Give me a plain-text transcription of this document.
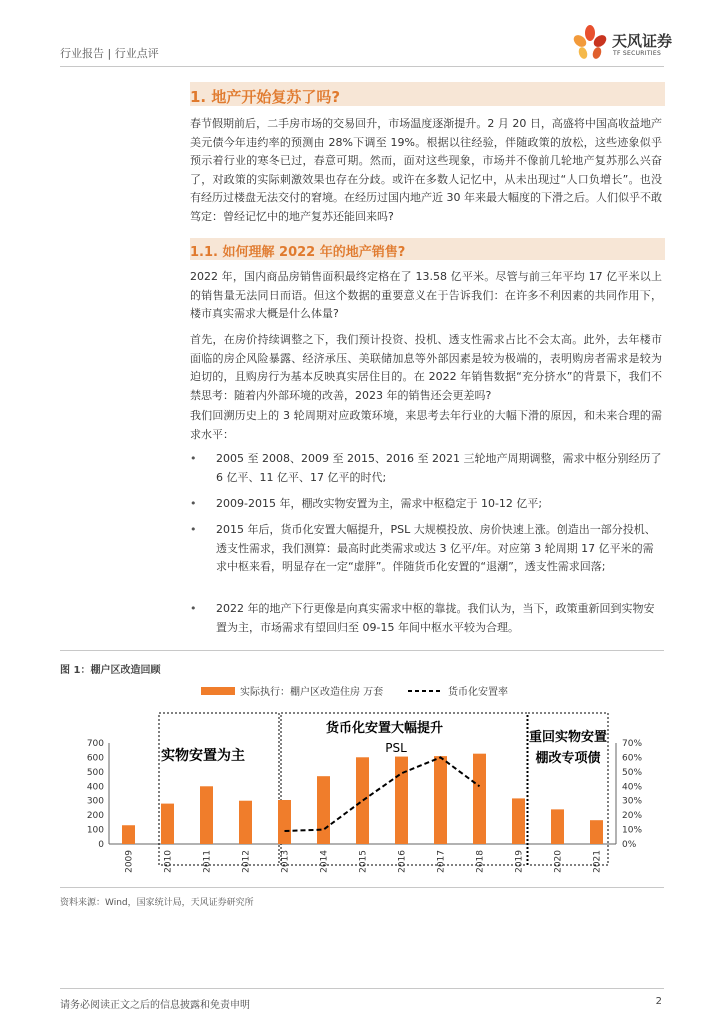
行业报告 | 行业点评
天风证券
TF SECURITIES
1. 地产开始复苏了吗?
春节假期前后，二手房市场的交易回升，市场温度逐渐提升。2 月 20 日，高盛将中国高收益地产美元债今年违约率的预测由 28%下调至 19%。根据以往经验，伴随政策的放松，这些迹象似乎预示着行业的寒冬已过，春意可期。然而，面对这些现象，市场并不像前几轮地产复苏那么兴奋了，对政策的实际刺激效果也存在分歧。或许在多数人记忆中，从未出现过“人口负增长”。也没有经历过楼盘无法交付的窘境。在经历过国内地产近 30 年来最大幅度的下滑之后。人们似乎不敢笃定：曾经记忆中的地产复苏还能回来吗?
1.1. 如何理解 2022 年的地产销售?
2022 年，国内商品房销售面积最终定格在了 13.58 亿平米。尽管与前三年平均 17 亿平米以上的销售量无法同日而语。但这个数据的重要意义在于告诉我们：在许多不利因素的共同作用下，楼市真实需求大概是什么体量?
首先，在房价持续调整之下，我们预计投资、投机、透支性需求占比不会太高。此外，去年楼市面临的房企风险暴露、经济承压、美联储加息等外部因素是较为极端的，表明购房者需求是较为迫切的，且购房行为基本反映真实居住目的。在 2022 年销售数据“充分挤水”的背景下，我们不禁思考：随着内外部环境的改善，2023 年的销售还会更差吗?
我们回溯历史上的 3 轮周期对应政策环境，来思考去年行业的大幅下滑的原因，和未来合理的需求水平：
• 2005 至 2008、2009 至 2015、2016 至 2021 三轮地产周期调整，需求中枢分别经历了 6 亿平、11 亿平、17 亿平的时代;
• 2009-2015 年，棚改实物安置为主，需求中枢稳定于 10-12 亿平;
• 2015 年后，货币化安置大幅提升，PSL 大规模投放、房价快速上涨。创造出一部分投机、透支性需求，我们测算：最高时此类需求或达 3 亿平/年。对应第 3 轮周期 17 亿平米的需求中枢来看，明显存在一定“虚胖”。伴随货币化安置的“退潮”，透支性需求回落;
• 2022 年的地产下行更像是向真实需求中枢的靠拢。我们认为，当下，政策重新回到实物安置为主，市场需求有望回归至 09-15 年间中枢水平较为合理。
图 1：棚户区改造回顾
实际执行：棚户区改造住房 万套	货币化安置率
实物安置为主
货币化安置大幅提升
PSL
重回实物安置
棚改专项债
0
100
200
300
400
500
600
700
0%
10%
20%
30%
40%
50%
60%
70%
2009	2010	2011	2012	2013	2014	2015	2016	2017	2018	2019	2020	2021
资料来源：Wind，国家统计局，天风证券研究所
请务必阅读正文之后的信息披露和免责申明	2
